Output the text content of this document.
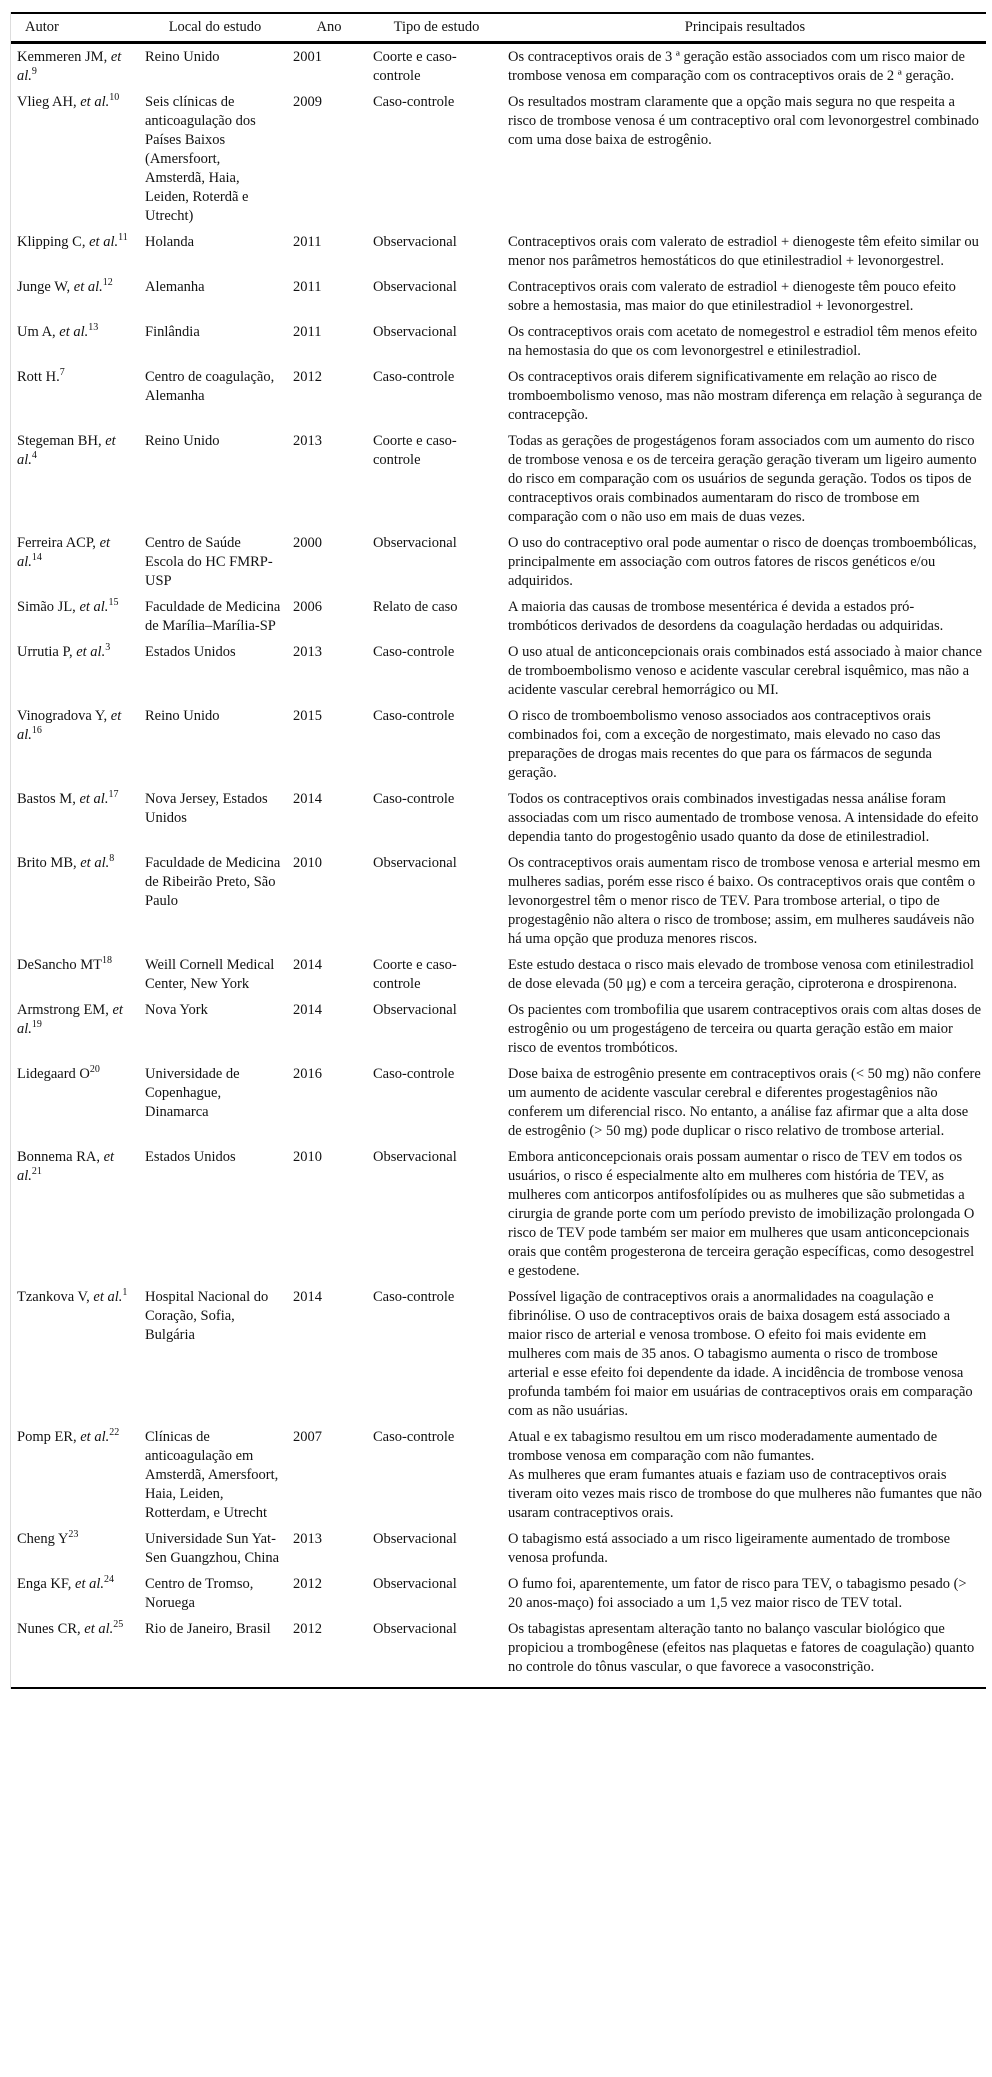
Autor	Local do estudo	Ano	Tipo de estudo	Principais resultados
Kemmeren JM, et al.$^9$	Reino Unido	2001	Coorte e caso-controle	Os contraceptivos orais de 3 ª geração estão associados com um risco maior de trombose venosa em comparação com os contraceptivos orais de 2 ª geração.
Vlieg AH, et al.$^{10}$	Seis clínicas de anticoagulação dos Países Baixos (Amersfoort, Amsterdã, Haia, Leiden, Roterdã e Utrecht)	2009	Caso-controle	Os resultados mostram claramente que a opção mais segura no que respeita a risco de trombose venosa é um contraceptivo oral com levonorgestrel combinado com uma dose baixa de estrogênio.
Klipping C, et al.$^{11}$	Holanda	2011	Observacional	Contraceptivos orais com valerato de estradiol + dienogeste têm efeito similar ou menor nos parâmetros hemostáticos do que etinilestradiol + levonorgestrel.
Junge W, et al.$^{12}$	Alemanha	2011	Observacional	Contraceptivos orais com valerato de estradiol + dienogeste têm pouco efeito sobre a hemostasia, mas maior do que etinilestradiol + levonorgestrel.
Um A, et al.$^{13}$	Finlândia	2011	Observacional	Os contraceptivos orais com acetato de nomegestrol e estradiol têm menos efeito na hemostasia do que os com levonorgestrel e etinilestradiol.
Rott H.$^7$	Centro de coagulação, Alemanha	2012	Caso-controle	Os contraceptivos orais diferem significativamente em relação ao risco de tromboembolismo venoso, mas não mostram diferença em relação à segurança de contracepção.
Stegeman BH, et al.$^4$	Reino Unido	2013	Coorte e caso-controle	Todas as gerações de progestágenos foram associados com um aumento do risco de trombose venosa e os de terceira geração geração tiveram um ligeiro aumento do risco em comparação com os usuários de segunda geração. Todos os tipos de contraceptivos orais combinados aumentaram do risco de trombose em comparação com o não uso em mais de duas vezes.
Ferreira ACP, et al.$^{14}$	Centro de Saúde Escola do HC FMRP-USP	2000	Observacional	O uso do contraceptivo oral pode aumentar o risco de doenças tromboembólicas, principalmente em associação com outros fatores de riscos genéticos e/ou adquiridos.
Simão JL, et al.$^{15}$	Faculdade de Medicina de Marília–Marília-SP	2006	Relato de caso	A maioria das causas de trombose mesentérica é devida a estados pró-trombóticos derivados de desordens da coagulação herdadas ou adquiridas.
Urrutia P, et al.$^3$	Estados Unidos	2013	Caso-controle	O uso atual de anticoncepcionais orais combinados está associado à maior chance de tromboembolismo venoso e acidente vascular cerebral isquêmico, mas não a acidente vascular cerebral hemorrágico ou MI.
Vinogradova Y, et al.$^{16}$	Reino Unido	2015	Caso-controle	O risco de tromboembolismo venoso associados aos contraceptivos orais combinados foi, com a exceção de norgestimato, mais elevado no caso das preparações de drogas mais recentes do que para os fármacos de segunda geração.
Bastos M, et al.$^{17}$	Nova Jersey, Estados Unidos	2014	Caso-controle	Todos os contraceptivos orais combinados investigadas nessa análise foram associadas com um risco aumentado de trombose venosa. A intensidade do efeito dependia tanto do progestogênio usado quanto da dose de etinilestradiol.
Brito MB, et al.$^8$	Faculdade de Medicina de Ribeirão Preto, São Paulo	2010	Observacional	Os contraceptivos orais aumentam risco de trombose venosa e arterial mesmo em mulheres sadias, porém esse risco é baixo. Os contraceptivos orais que contêm o levonorgestrel têm o menor risco de TEV. Para trombose arterial, o tipo de progestagênio não altera o risco de trombose; assim, em mulheres saudáveis não há uma opção que produza menores riscos.
DeSancho MT$^{18}$	Weill Cornell Medical Center, New York	2014	Coorte e caso-controle	Este estudo destaca o risco mais elevado de trombose venosa com etinilestradiol de dose elevada (50 μg) e com a terceira geração, ciproterona e drospirenona.
Armstrong EM, et al.$^{19}$	Nova York	2014	Observacional	Os pacientes com trombofilia que usarem contraceptivos orais com altas doses de estrogênio ou um progestágeno de terceira ou quarta geração estão em maior risco de eventos trombóticos.
Lidegaard $O^{20}$	Universidade de Copenhague, Dinamarca	2016	Caso-controle	Dose baixa de estrogênio presente em contraceptivos orais (< 50 mg) não confere um aumento de acidente vascular cerebral e diferentes progestagênios não conferem um diferencial risco. No entanto, a análise faz afirmar que a alta dose de estrogênio (> 50 mg) pode duplicar o risco relativo de trombose arterial.
Bonnema RA, et al.$^{21}$	Estados Unidos	2010	Observacional	Embora anticoncepcionais orais possam aumentar o risco de TEV em todos os usuários, o risco é especialmente alto em mulheres com história de TEV, as mulheres com anticorpos antifosfolípides ou as mulheres que são submetidas a cirurgia de grande porte com um período previsto de imobilização prolongada O risco de TEV pode também ser maior em mulheres que usam anticoncepcionais orais que contêm progesterona de terceira geração específicas, como desogestrel e gestodene.
Tzankova V, et al.$^1$	Hospital Nacional do Coração, Sofia, Bulgária	2014	Caso-controle	Possível ligação de contraceptivos orais a anormalidades na coagulação e fibrinólise. O uso de contraceptivos orais de baixa dosagem está associado a maior risco de arterial e venosa trombose. O efeito foi mais evidente em mulheres com mais de 35 anos. O tabagismo aumenta o risco de trombose arterial e esse efeito foi dependente da idade. A incidência de trombose venosa profunda também foi maior em usuárias de contraceptivos orais em comparação com as não usuárias.
Pomp ER, et al.$^{22}$	Clínicas de anticoagulação em Amsterdã, Amersfoort, Haia, Leiden, Rotterdam, e Utrecht	2007	Caso-controle	Atual e ex tabagismo resultou em um risco moderadamente aumentado de trombose venosa em comparação com não fumantes.
As mulheres que eram fumantes atuais e faziam uso de contraceptivos orais tiveram oito vezes mais risco de trombose do que mulheres não fumantes que não usaram contraceptivos orais.
Cheng $Y^{23}$	Universidade Sun Yat-Sen Guangzhou, China	2013	Observacional	O tabagismo está associado a um risco ligeiramente aumentado de trombose venosa profunda.
Enga KF, et al.$^{24}$	Centro de Tromso, Noruega	2012	Observacional	O fumo foi, aparentemente, um fator de risco para TEV, o tabagismo pesado (> 20 anos-maço) foi associado a um 1,5 vez maior risco de TEV total.
Nunes CR, et al.$^{25}$	Rio de Janeiro, Brasil	2012	Observacional	Os tabagistas apresentam alteração tanto no balanço vascular biológico que propiciou a trombogênese (efeitos nas plaquetas e fatores de coagulação) quanto no controle do tônus vascular, o que favorece a vasoconstrição.
